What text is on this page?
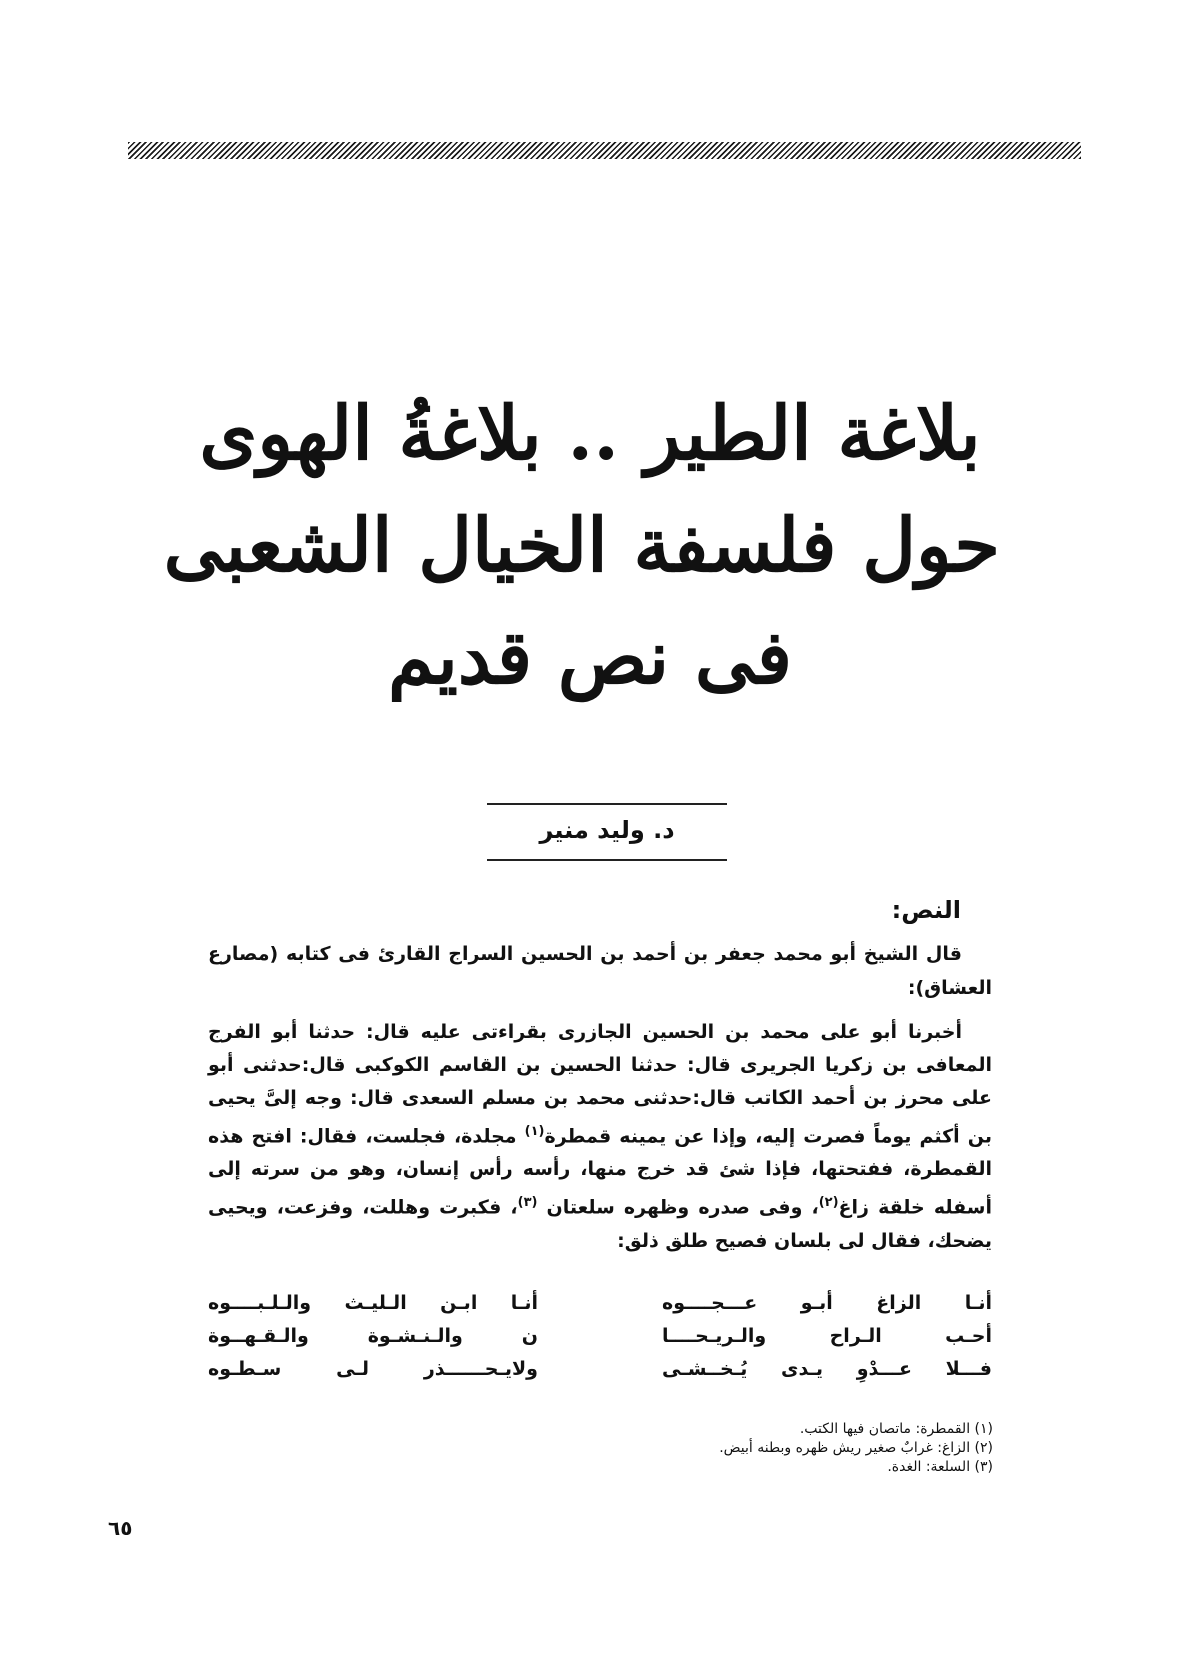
بلاغة الطير .. بلاغةُ الهوى
حول فلسفة الخيال الشعبى
فى نص قديم
د. وليد منير
النص:

قال الشيخ أبو محمد جعفر بن أحمد بن الحسين السراج القارئ فى كتابه (مصارع العشاق):

أخبرنا أبو على محمد بن الحسين الجازرى بقراءتى عليه قال: حدثنا أبو الفرج المعافى بن زكريا الجريرى قال: حدثنا الحسين بن القاسم الكوكبى قال:حدثنى أبو على محرز بن أحمد الكاتب قال:حدثنى محمد بن مسلم السعدى قال: وجه إلىَّ يحيى بن أكثم يوماً فصرت إليه، وإذا عن يمينه قمطرة$^{(١)}$ مجلدة، فجلست، فقال: افتح هذه القمطرة، ففتحتها، فإذا شئ قد خرج منها، رأسه رأس إنسان، وهو من سرته إلى أسفله خلقة زاغ$^{(٢)}$، وفى صدره وظهره سلعتان $^{(٣)}$، فكبرت وهللت، وفزعت، ويحيى يضحك، فقال لى بلسان فصيح طلق ذلق:

أنـا الزاغ أبـو عـــجــــوه
أنـا ابـن الـليـث والـلـبــــوه
أحـب الـراح والـريـحــــا
ن والـنـشـوة والـقـهــوة
فـــلا عـــدْوِ يـدى يُـخــشـى
ولايـحــــــذر لـى سـطـوه
(١) القمطرة: ماتصان فيها الكتب.
(٢) الزاغ: غرابٌ صغير ريش ظهره وبطنه أبيض.
(٣) السلعة: الغدة.
٦٥
